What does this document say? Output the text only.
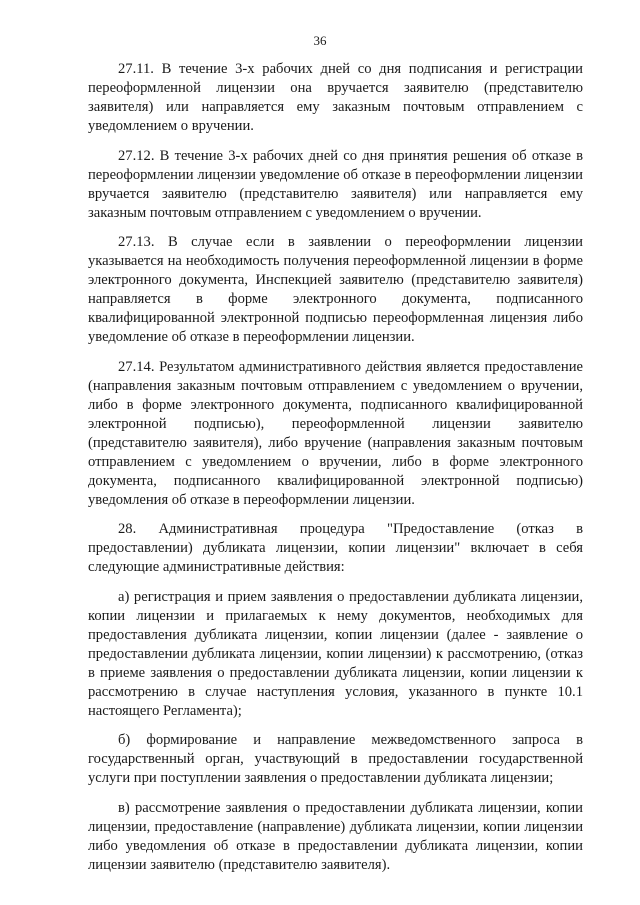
36

27.11. В течение 3-х рабочих дней со дня подписания и регистрации переоформленной лицензии она вручается заявителю (представителю заявителя) или направляется ему заказным почтовым отправлением с уведомлением о вручении.

27.12. В течение 3-х рабочих дней со дня принятия решения об отказе в переоформлении лицензии уведомление об отказе в переоформлении лицензии вручается заявителю (представителю заявителя) или направляется ему заказным почтовым отправлением с уведомлением о вручении.

27.13. В случае если в заявлении о переоформлении лицензии указывается на необходимость получения переоформленной лицензии в форме электронного документа, Инспекцией заявителю (представителю заявителя) направляется в форме электронного документа, подписанного квалифицированной электронной подписью переоформленная лицензия либо уведомление об отказе в переоформлении лицензии.

27.14. Результатом административного действия является предоставление (направления заказным почтовым отправлением с уведомлением о вручении, либо в форме электронного документа, подписанного квалифицированной электронной подписью), переоформленной лицензии заявителю (представителю заявителя), либо вручение (направления заказным почтовым отправлением с уведомлением о вручении, либо в форме электронного документа, подписанного квалифицированной электронной подписью) уведомления об отказе в переоформлении лицензии.

28. Административная процедура "Предоставление (отказ в предоставлении) дубликата лицензии, копии лицензии" включает в себя следующие административные действия:

а) регистрация и прием заявления о предоставлении дубликата лицензии, копии лицензии и прилагаемых к нему документов, необходимых для предоставления дубликата лицензии, копии лицензии (далее - заявление о предоставлении дубликата лицензии, копии лицензии) к рассмотрению, (отказ в приеме заявления о предоставлении дубликата лицензии, копии лицензии к рассмотрению в случае наступления условия, указанного в пункте 10.1 настоящего Регламента);

б) формирование и направление межведомственного запроса в государственный орган, участвующий в предоставлении государственной услуги при поступлении заявления о предоставлении дубликата лицензии;

в) рассмотрение заявления о предоставлении дубликата лицензии, копии лицензии, предоставление (направление) дубликата лицензии, копии лицензии либо уведомления об отказе в предоставлении дубликата лицензии, копии лицензии заявителю (представителю заявителя).
